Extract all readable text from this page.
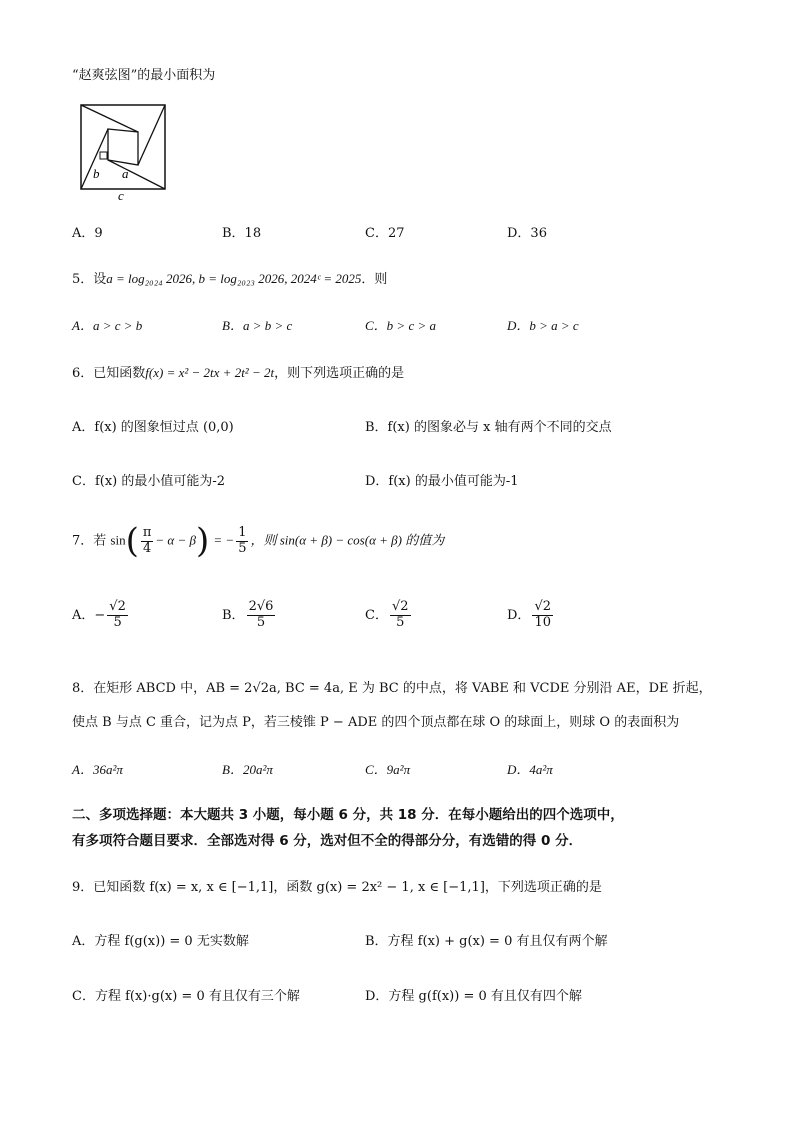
“赵爽弦图”的最小面积为
b a
c
A．9	B．18	C．27	D．36
5．设a = log₂₀₂₄ 2026, b = log₂₀₂₃ 2026, 2024ᶜ = 2025．则
A．a > c > b	B．a > b > c	C．b > c > a	D．b > a > c
6．已知函数f(x) = x² − 2tx + 2t² − 2t，则下列选项正确的是
A．f(x) 的图象恒过点 (0,0)	B．f(x) 的图象必与 x 轴有两个不同的交点
C．f(x) 的最小值可能为-2	D．f(x) 的最小值可能为-1
7．若 $\sin( \frac{\pi}{4} - \alpha - \beta)$ = − $\frac{1}{5}$ ，则 sin(α + β) − cos(α + β) 的值为
A．− $\frac{√2}{5}$	B． $\frac{2√6}{5}$	C． $\frac{√2}{5}$	D． $\frac{√2}{10}$
8．在矩形 ABCD 中，AB = 2√2a, BC = 4a, E 为 BC 的中点，将 VABE 和 VCDE 分别沿 AE，DE 折起，
使点 B 与点 C 重合，记为点 P，若三棱锥 P − ADE 的四个顶点都在球 O 的球面上，则球 O 的表面积为
A．36a²π	B．20a²π	C．9a²π	D．4a²π
二、多项选择题：本大题共 3 小题，每小题 6 分，共 18 分．在每小题给出的四个选项中，
有多项符合题目要求．全部选对得 6 分，选对但不全的得部分分，有选错的得 0 分．
9．已知函数 f(x) = x, x ∈ [−1,1]，函数 g(x) = 2x² − 1, x ∈ [−1,1]，下列选项正确的是
A．方程 f(g(x)) = 0 无实数解	B．方程 f(x) + g(x) = 0 有且仅有两个解
C．方程 f(x)·g(x) = 0 有且仅有三个解	D．方程 g(f(x)) = 0 有且仅有四个解
